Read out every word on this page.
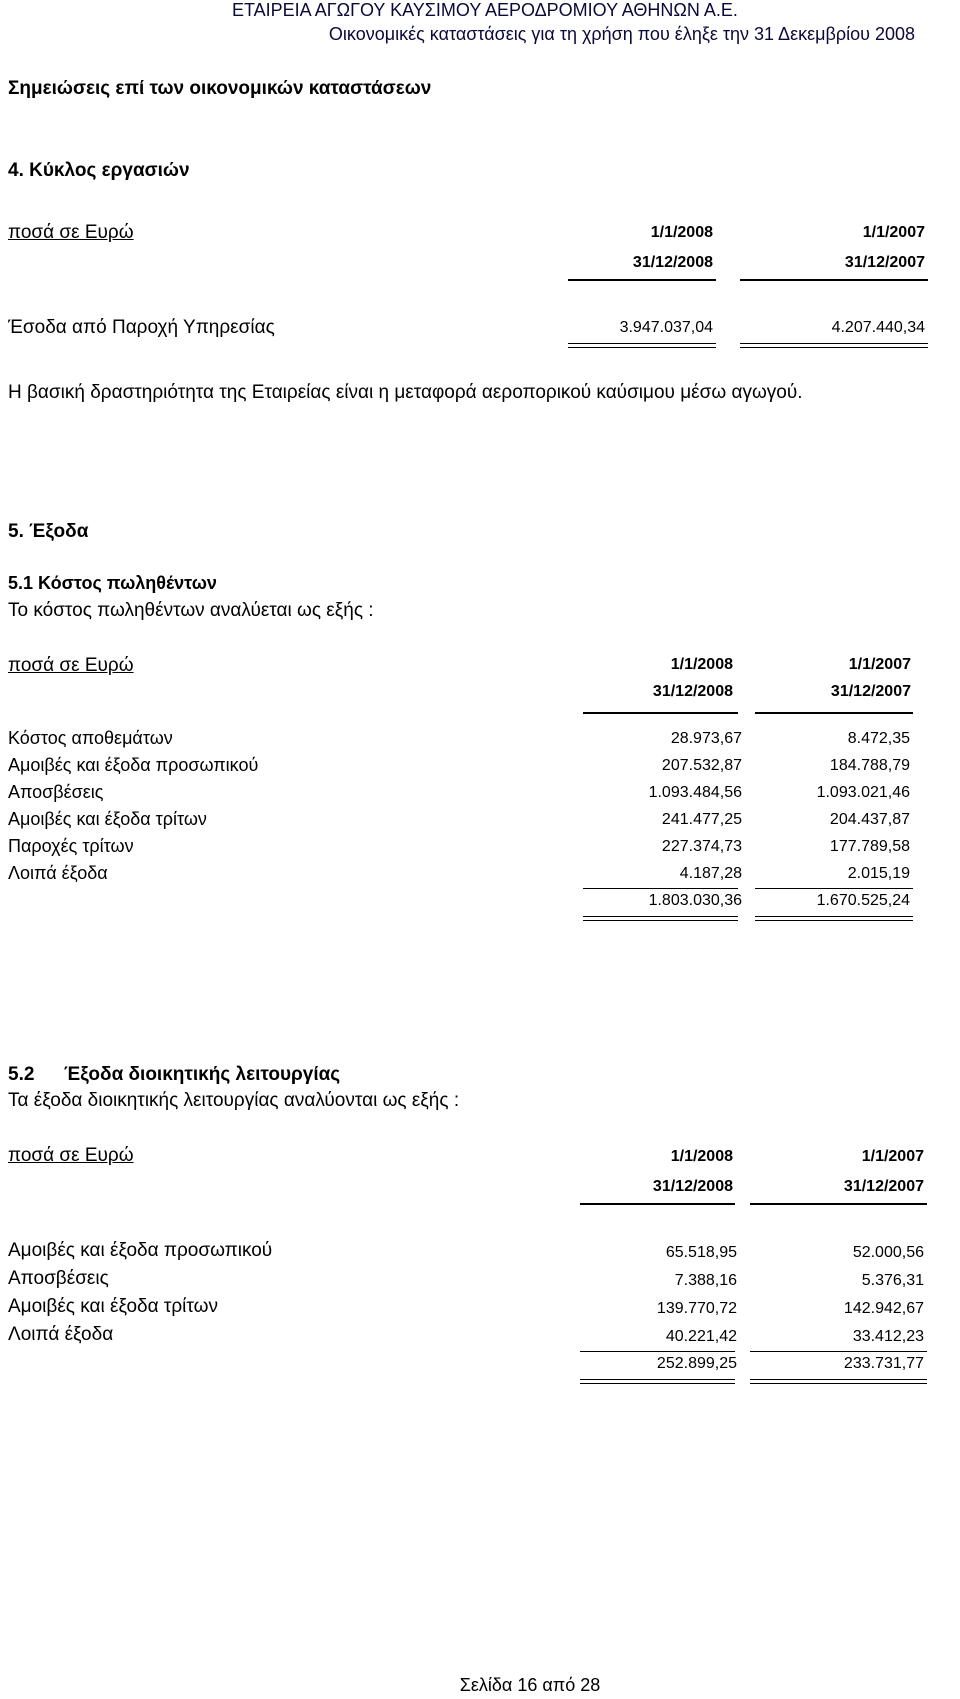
ΕΤΑΙΡΕΙΑ ΑΓΩΓΟΥ ΚΑΥΣΙΜΟΥ ΑΕΡΟΔΡΟΜΙΟΥ ΑΘΗΝΩΝ Α.Ε.
Οικονομικές καταστάσεις για τη χρήση που έληξε την 31 Δεκεμβρίου 2008
Σημειώσεις επί των οικονομικών καταστάσεων
4. Κύκλος εργασιών
ποσά σε Ευρώ	1/1/2008	1/1/2007
31/12/2008	31/12/2007
Έσοδα από Παροχή Υπηρεσίας	3.947.037,04	4.207.440,34
Η βασική δραστηριότητα της Εταιρείας είναι η μεταφορά αεροπορικού καύσιμου μέσω αγωγού.
5. Έξοδα
5.1 Κόστος πωληθέντων
Το κόστος πωληθέντων αναλύεται ως εξής :
ποσά σε Ευρώ	1/1/2008	1/1/2007
31/12/2008	31/12/2007
Κόστος αποθεμάτων	28.973,67	8.472,35
Αμοιβές και έξοδα προσωπικού	207.532,87	184.788,79
Αποσβέσεις	1.093.484,56	1.093.021,46
Αμοιβές και έξοδα τρίτων	241.477,25	204.437,87
Παροχές τρίτων	227.374,73	177.789,58
Λοιπά έξοδα	4.187,28	2.015,19
1.803.030,36	1.670.525,24
5.2 Έξοδα διοικητικής λειτουργίας
Τα έξοδα διοικητικής λειτουργίας αναλύονται ως εξής :
ποσά σε Ευρώ	1/1/2008	1/1/2007
31/12/2008	31/12/2007
Αμοιβές και έξοδα προσωπικού	65.518,95	52.000,56
Αποσβέσεις	7.388,16	5.376,31
Αμοιβές και έξοδα τρίτων	139.770,72	142.942,67
Λοιπά έξοδα	40.221,42	33.412,23
252.899,25	233.731,77
Σελίδα 16 από 28
